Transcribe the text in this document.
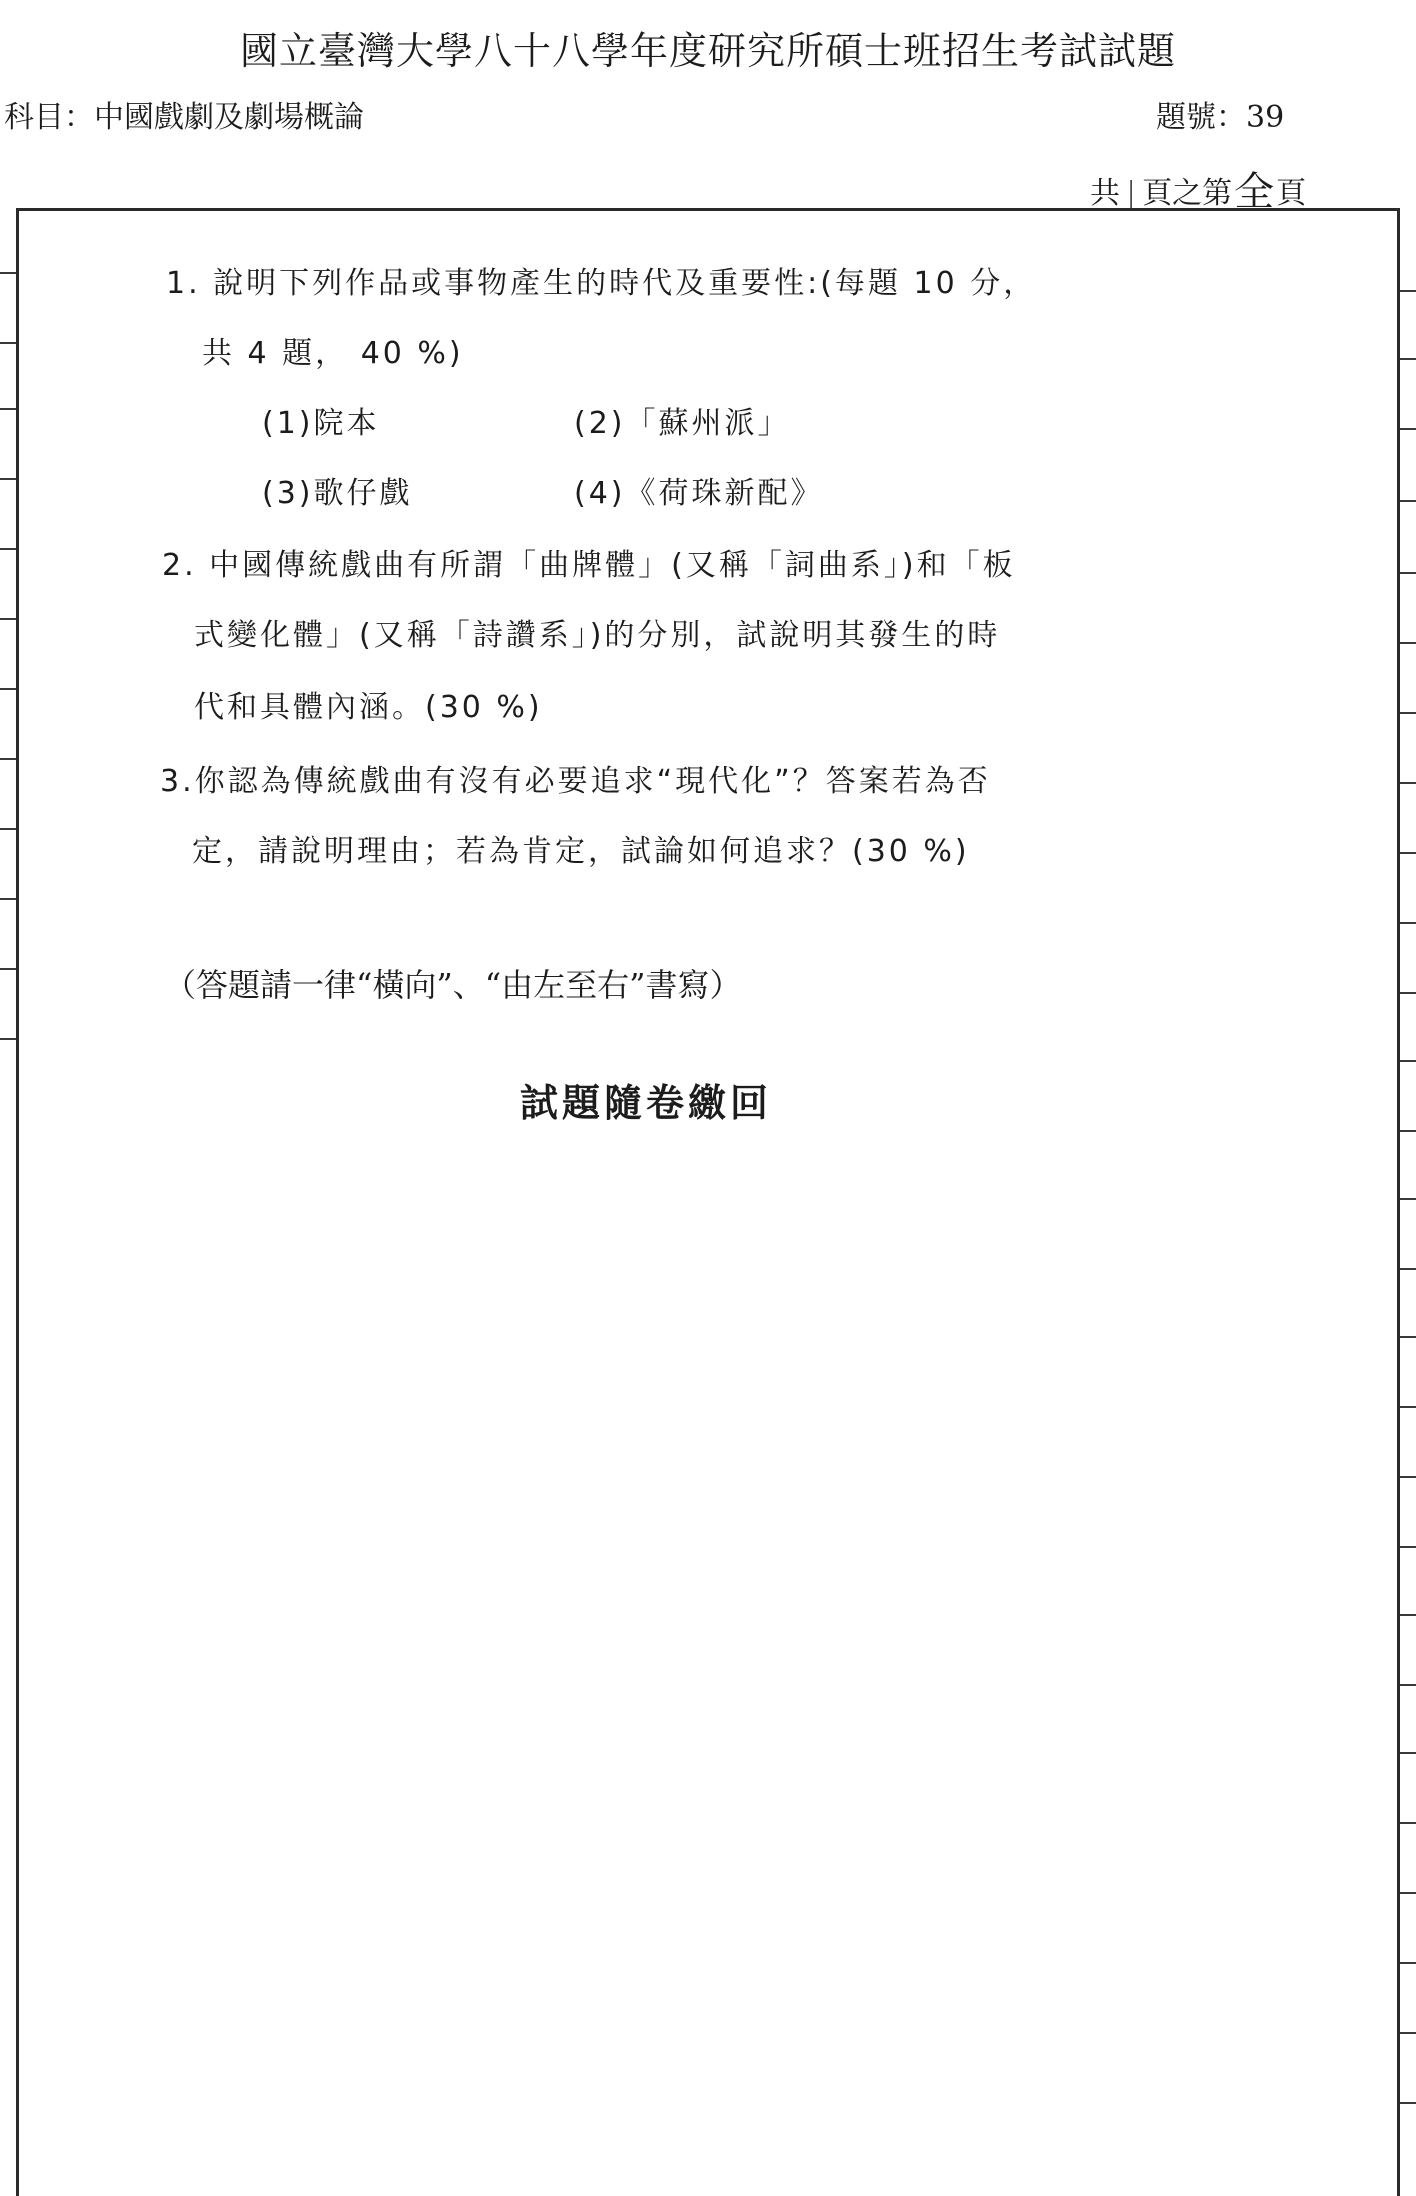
國立臺灣大學八十八學年度研究所碩士班招生考試試題
科目：中國戲劇及劇場概論	題號：39
共 | 頁之第全頁
1. 說明下列作品或事物產生的時代及重要性:(每題 10 分，
共 4 題， 40 %)
(1)院本	(2)「蘇州派」
(3)歌仔戲	(4)《荷珠新配》
2. 中國傳統戲曲有所謂「曲牌體」(又稱「詞曲系」)和「板
式變化體」(又稱「詩讚系」)的分別，試說明其發生的時
代和具體內涵。(30 %)
3.你認為傳統戲曲有沒有必要追求“現代化”？答案若為否
定，請說明理由；若為肯定，試論如何追求？(30 %)
（答題請一律“橫向”、“由左至右”書寫）
試題隨卷繳回
